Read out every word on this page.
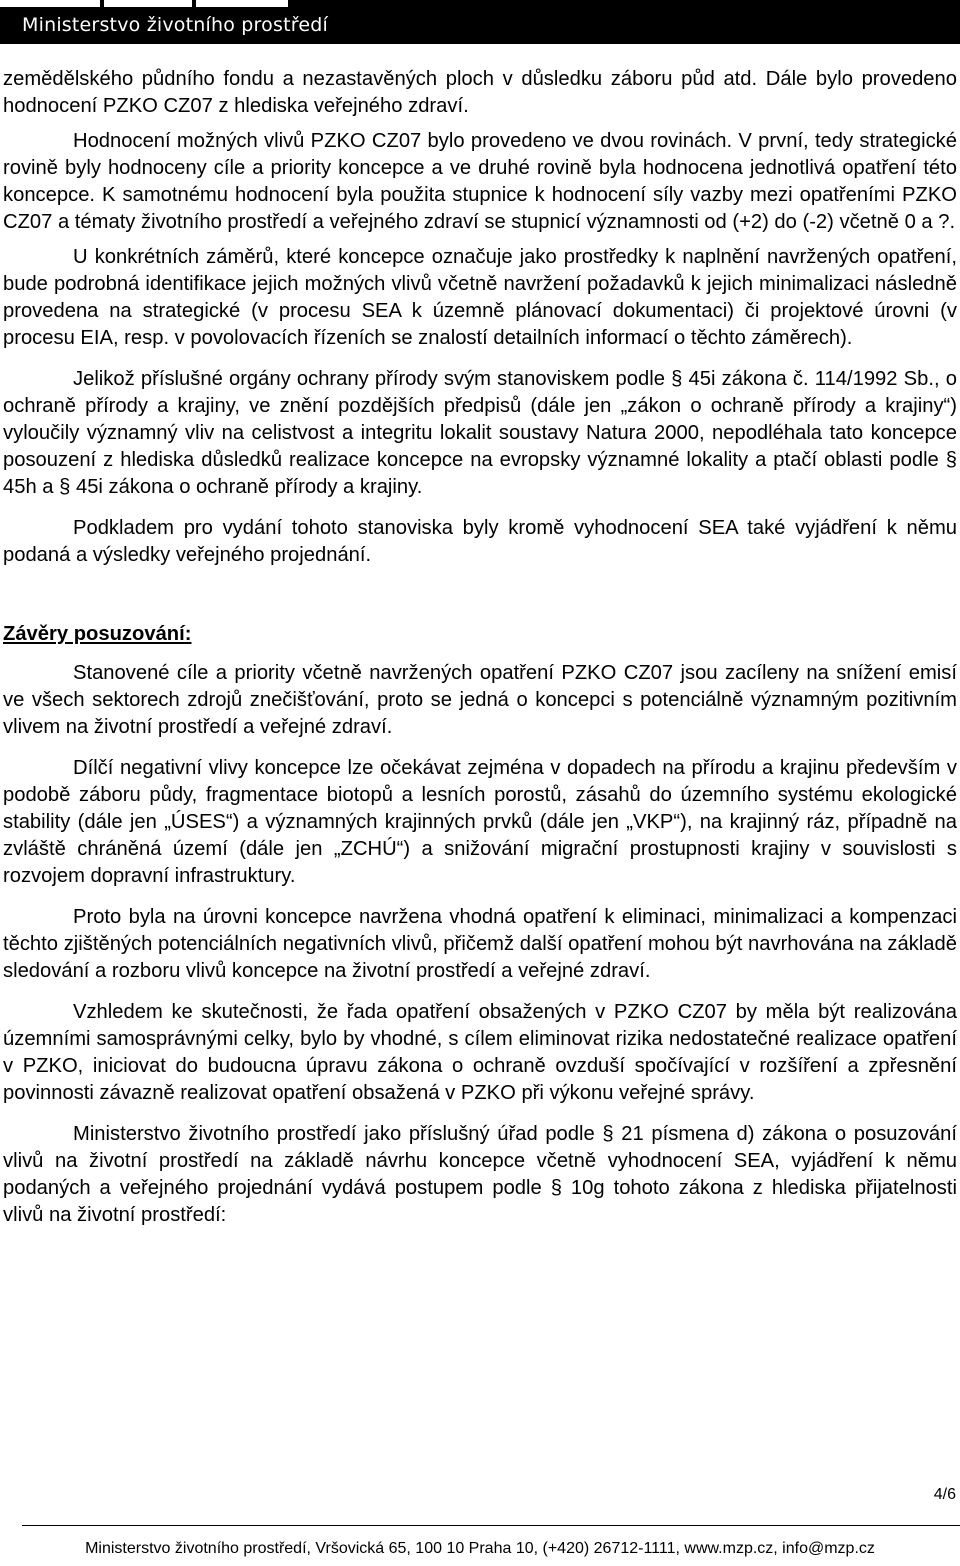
Ministerstvo životního prostředí

zemědělského půdního fondu a nezastavěných ploch v důsledku záboru půd atd. Dále bylo provedeno hodnocení PZKO CZ07 z hlediska veřejného zdraví.

Hodnocení možných vlivů PZKO CZ07 bylo provedeno ve dvou rovinách. V první, tedy strategické rovině byly hodnoceny cíle a priority koncepce a ve druhé rovině byla hodnocena jednotlivá opatření této koncepce. K samotnému hodnocení byla použita stupnice k hodnocení síly vazby mezi opatřeními PZKO CZ07 a tématy životního prostředí a veřejného zdraví se stupnicí významnosti od (+2) do (-2) včetně 0 a ?.

U konkrétních záměrů, které koncepce označuje jako prostředky k naplnění navržených opatření, bude podrobná identifikace jejich možných vlivů včetně navržení požadavků k jejich minimalizaci následně provedena na strategické (v procesu SEA k územně plánovací dokumentaci) či projektové úrovni (v procesu EIA, resp. v povolovacích řízeních se znalostí detailních informací o těchto záměrech).

Jelikož příslušné orgány ochrany přírody svým stanoviskem podle § 45i zákona č. 114/1992 Sb., o ochraně přírody a krajiny, ve znění pozdějších předpisů (dále jen „zákon o ochraně přírody a krajiny“) vyloučily významný vliv na celistvost a integritu lokalit soustavy Natura 2000, nepodléhala tato koncepce posouzení z hlediska důsledků realizace koncepce na evropsky významné lokality a ptačí oblasti podle § 45h a § 45i zákona o ochraně přírody a krajiny.

Podkladem pro vydání tohoto stanoviska byly kromě vyhodnocení SEA také vyjádření k němu podaná a výsledky veřejného projednání.

Závěry posuzování:

Stanovené cíle a priority včetně navržených opatření PZKO CZ07 jsou zacíleny na snížení emisí ve všech sektorech zdrojů znečišťování, proto se jedná o koncepci s potenciálně významným pozitivním vlivem na životní prostředí a veřejné zdraví.

Dílčí negativní vlivy koncepce lze očekávat zejména v dopadech na přírodu a krajinu především v podobě záboru půdy, fragmentace biotopů a lesních porostů, zásahů do územního systému ekologické stability (dále jen „ÚSES“) a významných krajinných prvků (dále jen „VKP“), na krajinný ráz, případně na zvláště chráněná území (dále jen „ZCHÚ“) a snižování migrační prostupnosti krajiny v souvislosti s rozvojem dopravní infrastruktury.

Proto byla na úrovni koncepce navržena vhodná opatření k eliminaci, minimalizaci a kompenzaci těchto zjištěných potenciálních negativních vlivů, přičemž další opatření mohou být navrhována na základě sledování a rozboru vlivů koncepce na životní prostředí a veřejné zdraví.

Vzhledem ke skutečnosti, že řada opatření obsažených v PZKO CZ07 by měla být realizována územními samosprávnými celky, bylo by vhodné, s cílem eliminovat rizika nedostatečné realizace opatření v PZKO, iniciovat do budoucna úpravu zákona o ochraně ovzduší spočívající v rozšíření a zpřesnění povinnosti závazně realizovat opatření obsažená v PZKO při výkonu veřejné správy.

Ministerstvo životního prostředí jako příslušný úřad podle § 21 písmena d) zákona o posuzování vlivů na životní prostředí na základě návrhu koncepce včetně vyhodnocení SEA, vyjádření k němu podaných a veřejného projednání vydává postupem podle § 10g tohoto zákona z hlediska přijatelnosti vlivů na životní prostředí:

4/6
Ministerstvo životního prostředí, Vršovická 65, 100 10 Praha 10, (+420) 26712-1111, www.mzp.cz, info@mzp.cz
